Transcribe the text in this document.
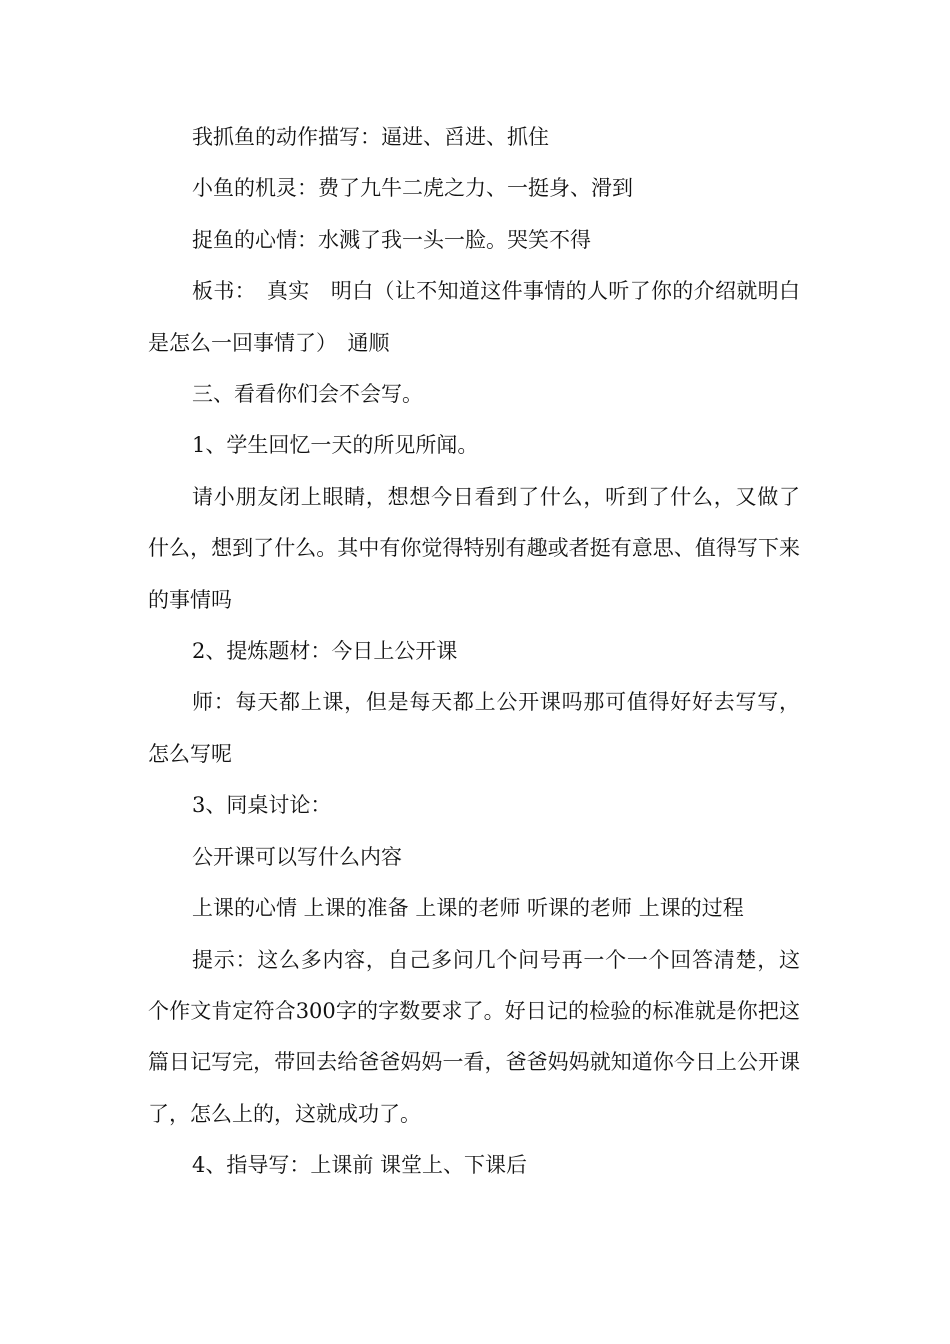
我抓鱼的动作描写：逼进、舀进、抓住

小鱼的机灵：费了九牛二虎之力、一挺身、滑到

捉鱼的心情：水溅了我一头一脸。哭笑不得

板书：　真实　明白（让不知道这件事情的人听了你的介绍就明白是怎么一回事情了）　通顺

三、看看你们会不会写。

1、学生回忆一天的所见所闻。

请小朋友闭上眼睛，想想今日看到了什么，听到了什么，又做了什么，想到了什么。其中有你觉得特别有趣或者挺有意思、值得写下来的事情吗

2、提炼题材：今日上公开课

师：每天都上课，但是每天都上公开课吗那可值得好好去写写，怎么写呢

3、同桌讨论：

公开课可以写什么内容

上课的心情 上课的准备 上课的老师 听课的老师 上课的过程

提示：这么多内容，自己多问几个问号再一个一个回答清楚，这个作文肯定符合300字的字数要求了。好日记的检验的标准就是你把这篇日记写完，带回去给爸爸妈妈一看，爸爸妈妈就知道你今日上公开课了，怎么上的，这就成功了。

4、指导写：上课前 课堂上、下课后
